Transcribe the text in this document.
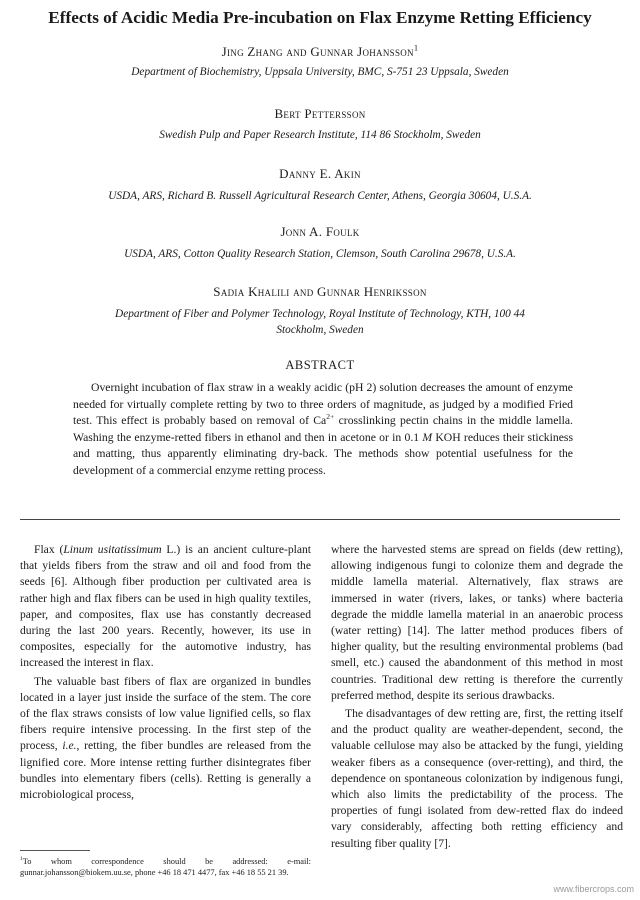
Effects of Acidic Media Pre-incubation on Flax Enzyme Retting Efficiency
Jing Zhang and Gunnar Johansson$^1$
Department of Biochemistry, Uppsala University, BMC, S-751 23 Uppsala, Sweden
Bert Pettersson
Swedish Pulp and Paper Research Institute, 114 86 Stockholm, Sweden
Danny E. Akin
USDA, ARS, Richard B. Russell Agricultural Research Center, Athens, Georgia 30604, U.S.A.
Jonn A. Foulk
USDA, ARS, Cotton Quality Research Station, Clemson, South Carolina 29678, U.S.A.
Sadia Khalili and Gunnar Henriksson
Department of Fiber and Polymer Technology, Royal Institute of Technology, KTH, 100 44
Stockholm, Sweden
ABSTRACT

Overnight incubation of flax straw in a weakly acidic (pH 2) solution decreases the amount of enzyme needed for virtually complete retting by two to three orders of magnitude, as judged by a modified Fried test. This effect is probably based on removal of $Ca^{2+}$ crosslinking pectin chains in the middle lamella. Washing the enzyme-retted fibers in ethanol and then in acetone or in 0.1 M KOH reduces their stickiness and matting, thus apparently eliminating dry-back. The methods show potential usefulness for the development of a commercial enzyme retting process.

Flax (Linum usitatissimum L.) is an ancient culture-plant that yields fibers from the straw and oil and food from the seeds [6]. Although fiber production per cultivated area is rather high and flax fibers can be used in high quality textiles, paper, and composites, flax use has constantly decreased during the last 200 years. Recently, however, its use in composites, especially for the automotive industry, has increased the interest in flax.

The valuable bast fibers of flax are organized in bundles located in a layer just inside the surface of the stem. The core of the flax straws consists of low value lignified cells, so flax fibers require intensive processing. In the first step of the process, i.e., retting, the fiber bundles are released from the lignified core. More intense retting further disintegrates fiber bundles into elementary fibers (cells). Retting is generally a microbiological process,

where the harvested stems are spread on fields (dew retting), allowing indigenous fungi to colonize them and degrade the middle lamella material. Alternatively, flax straws are immersed in water (rivers, lakes, or tanks) where bacteria degrade the middle lamella material in an anaerobic process (water retting) [14]. The latter method produces fibers of higher quality, but the resulting environmental problems (bad smell, etc.) caused the abandonment of this method in most countries. Traditional dew retting is therefore the currently preferred method, despite its serious drawbacks.

The disadvantages of dew retting are, first, the retting itself and the product quality are weather-dependent, second, the valuable cellulose may also be attacked by the fungi, yielding weaker fibers as a consequence (over-retting), and third, the dependence on spontaneous colonization by indigenous fungi, which also limits the predictability of the process. The properties of fungi isolated from dew-retted flax do indeed vary considerably, affecting both retting efficiency and resulting fiber quality [7].

$^1$To whom correspondence should be addressed: e-mail: gunnar.johansson@biokem.uu.se, phone +46 18 471 4477, fax +46 18 55 21 39.

www.fibercrops.com
